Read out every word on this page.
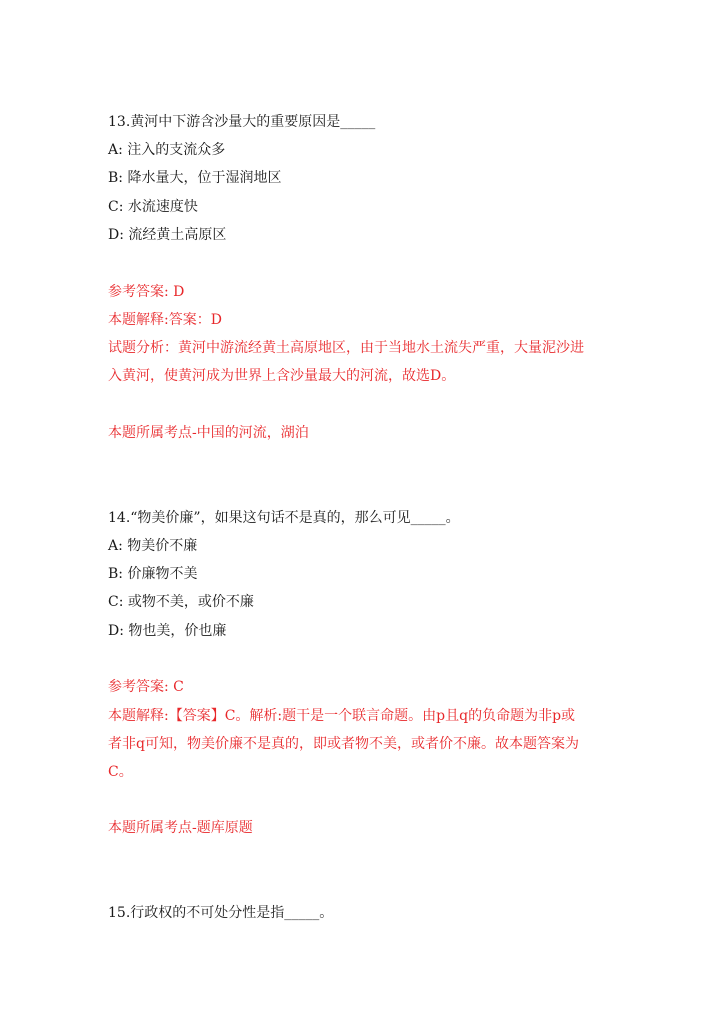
13.黄河中下游含沙量大的重要原因是_____

A: 注入的支流众多

B: 降水量大，位于湿润地区

C: 水流速度快

D: 流经黄土高原区

参考答案: D

本题解释:答案：D

试题分析：黄河中游流经黄土高原地区，由于当地水土流失严重，大量泥沙进

入黄河，使黄河成为世界上含沙量最大的河流，故选D。

本题所属考点-中国的河流，湖泊

14.“物美价廉”，如果这句话不是真的，那么可见_____。

A: 物美价不廉

B: 价廉物不美

C: 或物不美，或价不廉

D: 物也美，价也廉

参考答案: C

本题解释:【答案】C。解析:题干是一个联言命题。由p且q的负命题为非p或

者非q可知，物美价廉不是真的，即或者物不美，或者价不廉。故本题答案为

C。

本题所属考点-题库原题

15.行政权的不可处分性是指_____。
